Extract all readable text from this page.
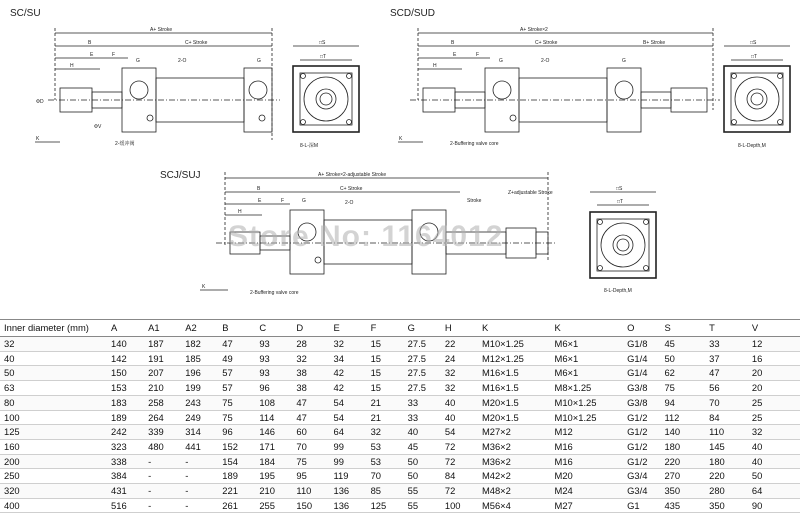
A+ Stroke
B	C+ Stroke
E	F
G	G
H
2-O
K
2-缓冲阀
□S
□T
8-L-深M
ΦD
ΦV
A+ Stroke×2
B	C+ Stroke	B+ Stroke
E	F
G	G
H
2-O
K
2-Buffering valve core
□S
□T
8-L-Depth,M
A+ Stroke×2-adjustable Stroke
B	C+ Stroke
E	F	G
H
2-O	Stroke
Z+adjustable Stroke
K
2-Buffering valve core
□S
□T
8-L-Depth,M
SC/SU	SCD/SUD
SCJ/SUJ
Store No: 1164012
Inner diameter (mm)	A	A1	A2	B	C	D	E	F	G	H	K	K	O	S	T	V
32	140	187	182	47	93	28	32	15	27.5	22	M10×1.25	M6×1	G1/8	45	33	12
40	142	191	185	49	93	32	34	15	27.5	24	M12×1.25	M6×1	G1/4	50	37	16
50	150	207	196	57	93	38	42	15	27.5	32	M16×1.5	M6×1	G1/4	62	47	20
63	153	210	199	57	96	38	42	15	27.5	32	M16×1.5	M8×1.25	G3/8	75	56	20
80	183	258	243	75	108	47	54	21	33	40	M20×1.5	M10×1.25	G3/8	94	70	25
100	189	264	249	75	114	47	54	21	33	40	M20×1.5	M10×1.25	G1/2	112	84	25
125	242	339	314	96	146	60	64	32	40	54	M27×2	M12	G1/2	140	110	32
160	323	480	441	152	171	70	99	53	45	72	M36×2	M16	G1/2	180	145	40
200	338	-	-	154	184	75	99	53	50	72	M36×2	M16	G1/2	220	180	40
250	384	-	-	189	195	95	119	70	50	84	M42×2	M20	G3/4	270	220	50
320	431	-	-	221	210	110	136	85	55	72	M48×2	M24	G3/4	350	280	64
400	516	-	-	261	255	150	136	125	55	100	M56×4	M27	G1	435	350	90
